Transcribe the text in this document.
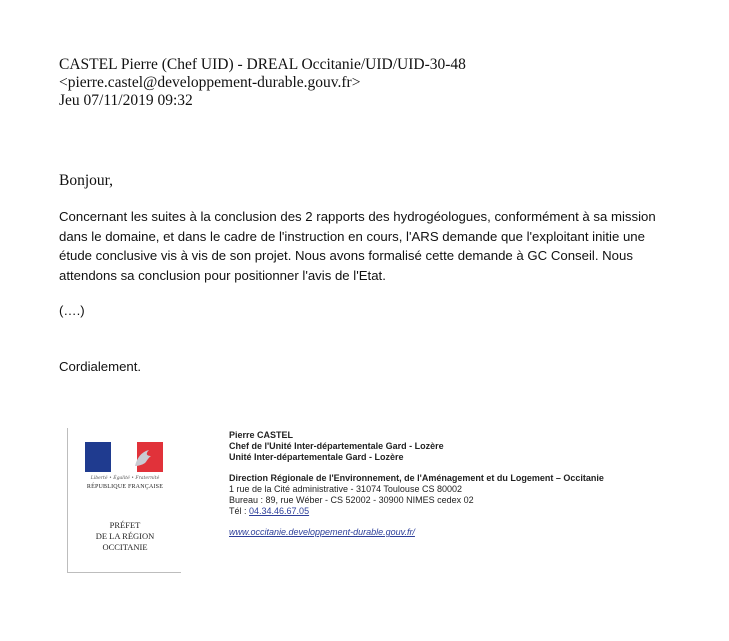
CASTEL Pierre (Chef UID) - DREAL Occitanie/UID/UID-30-48
<pierre.castel@developpement-durable.gouv.fr>
Jeu 07/11/2019 09:32
Bonjour,
Concernant les suites à la conclusion des 2 rapports des hydrogéologues, conformément à sa mission
dans le domaine, et dans le cadre de l'instruction en cours, l'ARS demande que l'exploitant initie une
étude conclusive vis à vis de son projet. Nous avons formalisé cette demande à GC Conseil. Nous
attendons sa conclusion pour positionner l'avis de l'Etat.
(….)
Cordialement.
Liberté • Égalité • Fraternité
RÉPUBLIQUE FRANÇAISE
PRÉFET
DE LA RÉGION
OCCITANIE
Pierre CASTEL
Chef de l'Unité Inter-départementale Gard - Lozère
Unité Inter-départementale Gard - Lozère
Direction Régionale de l'Environnement, de l'Aménagement et du Logement – Occitanie
1 rue de la Cité administrative - 31074 Toulouse CS 80002
Bureau : 89, rue Wéber - CS 52002 - 30900 NIMES cedex 02
Tél : 04.34.46.67.05
www.occitanie.developpement-durable.gouv.fr/
